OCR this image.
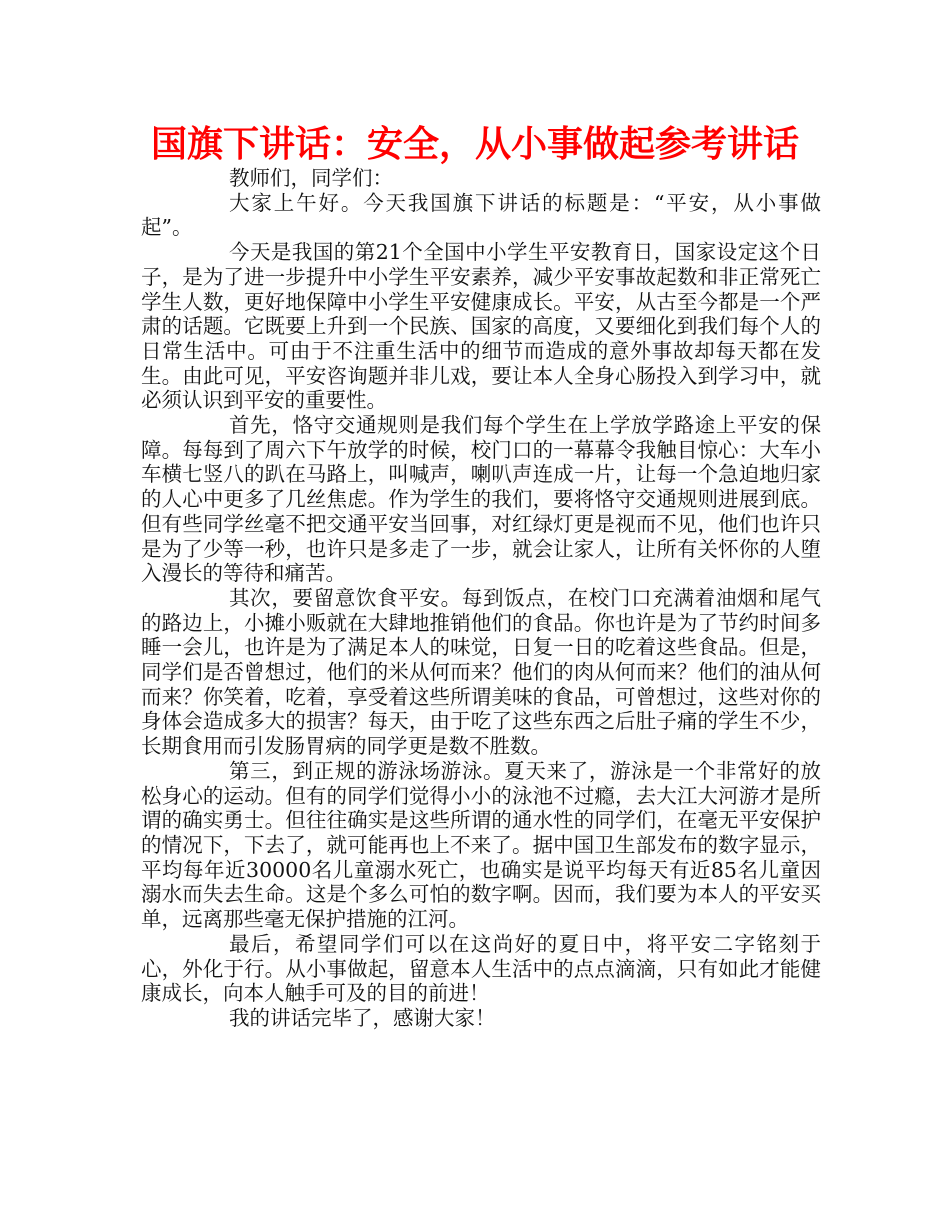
国旗下讲话：安全，从小事做起参考讲话

教师们，同学们：

大家上午好。今天我国旗下讲话的标题是：“平安，从小事做起”。

今天是我国的第21个全国中小学生平安教育日，国家设定这个日子，是为了进一步提升中小学生平安素养，减少平安事故起数和非正常死亡学生人数，更好地保障中小学生平安健康成长。平安，从古至今都是一个严肃的话题。它既要上升到一个民族、国家的高度，又要细化到我们每个人的日常生活中。可由于不注重生活中的细节而造成的意外事故却每天都在发生。由此可见，平安咨询题并非儿戏，要让本人全身心肠投入到学习中，就必须认识到平安的重要性。

首先，恪守交通规则是我们每个学生在上学放学路途上平安的保障。每每到了周六下午放学的时候，校门口的一幕幕令我触目惊心：大车小车横七竖八的趴在马路上，叫喊声，喇叭声连成一片，让每一个急迫地归家的人心中更多了几丝焦虑。作为学生的我们，要将恪守交通规则进展到底。但有些同学丝毫不把交通平安当回事，对红绿灯更是视而不见，他们也许只是为了少等一秒，也许只是多走了一步，就会让家人，让所有关怀你的人堕入漫长的等待和痛苦。

其次，要留意饮食平安。每到饭点，在校门口充满着油烟和尾气的路边上，小摊小贩就在大肆地推销他们的食品。你也许是为了节约时间多睡一会儿，也许是为了满足本人的味觉，日复一日的吃着这些食品。但是，同学们是否曾想过，他们的米从何而来？他们的肉从何而来？他们的油从何而来？你笑着，吃着，享受着这些所谓美味的食品，可曾想过，这些对你的身体会造成多大的损害？每天，由于吃了这些东西之后肚子痛的学生不少，长期食用而引发肠胃病的同学更是数不胜数。

第三，到正规的游泳场游泳。夏天来了，游泳是一个非常好的放松身心的运动。但有的同学们觉得小小的泳池不过瘾，去大江大河游才是所谓的确实勇士。但往往确实是这些所谓的通水性的同学们，在毫无平安保护的情况下，下去了，就可能再也上不来了。据中国卫生部发布的数字显示，平均每年近30000名儿童溺水死亡，也确实是说平均每天有近85名儿童因溺水而失去生命。这是个多么可怕的数字啊。因而，我们要为本人的平安买单，远离那些毫无保护措施的江河。

最后，希望同学们可以在这尚好的夏日中，将平安二字铭刻于心，外化于行。从小事做起，留意本人生活中的点点滴滴，只有如此才能健康成长，向本人触手可及的目的前进！

我的讲话完毕了，感谢大家！
